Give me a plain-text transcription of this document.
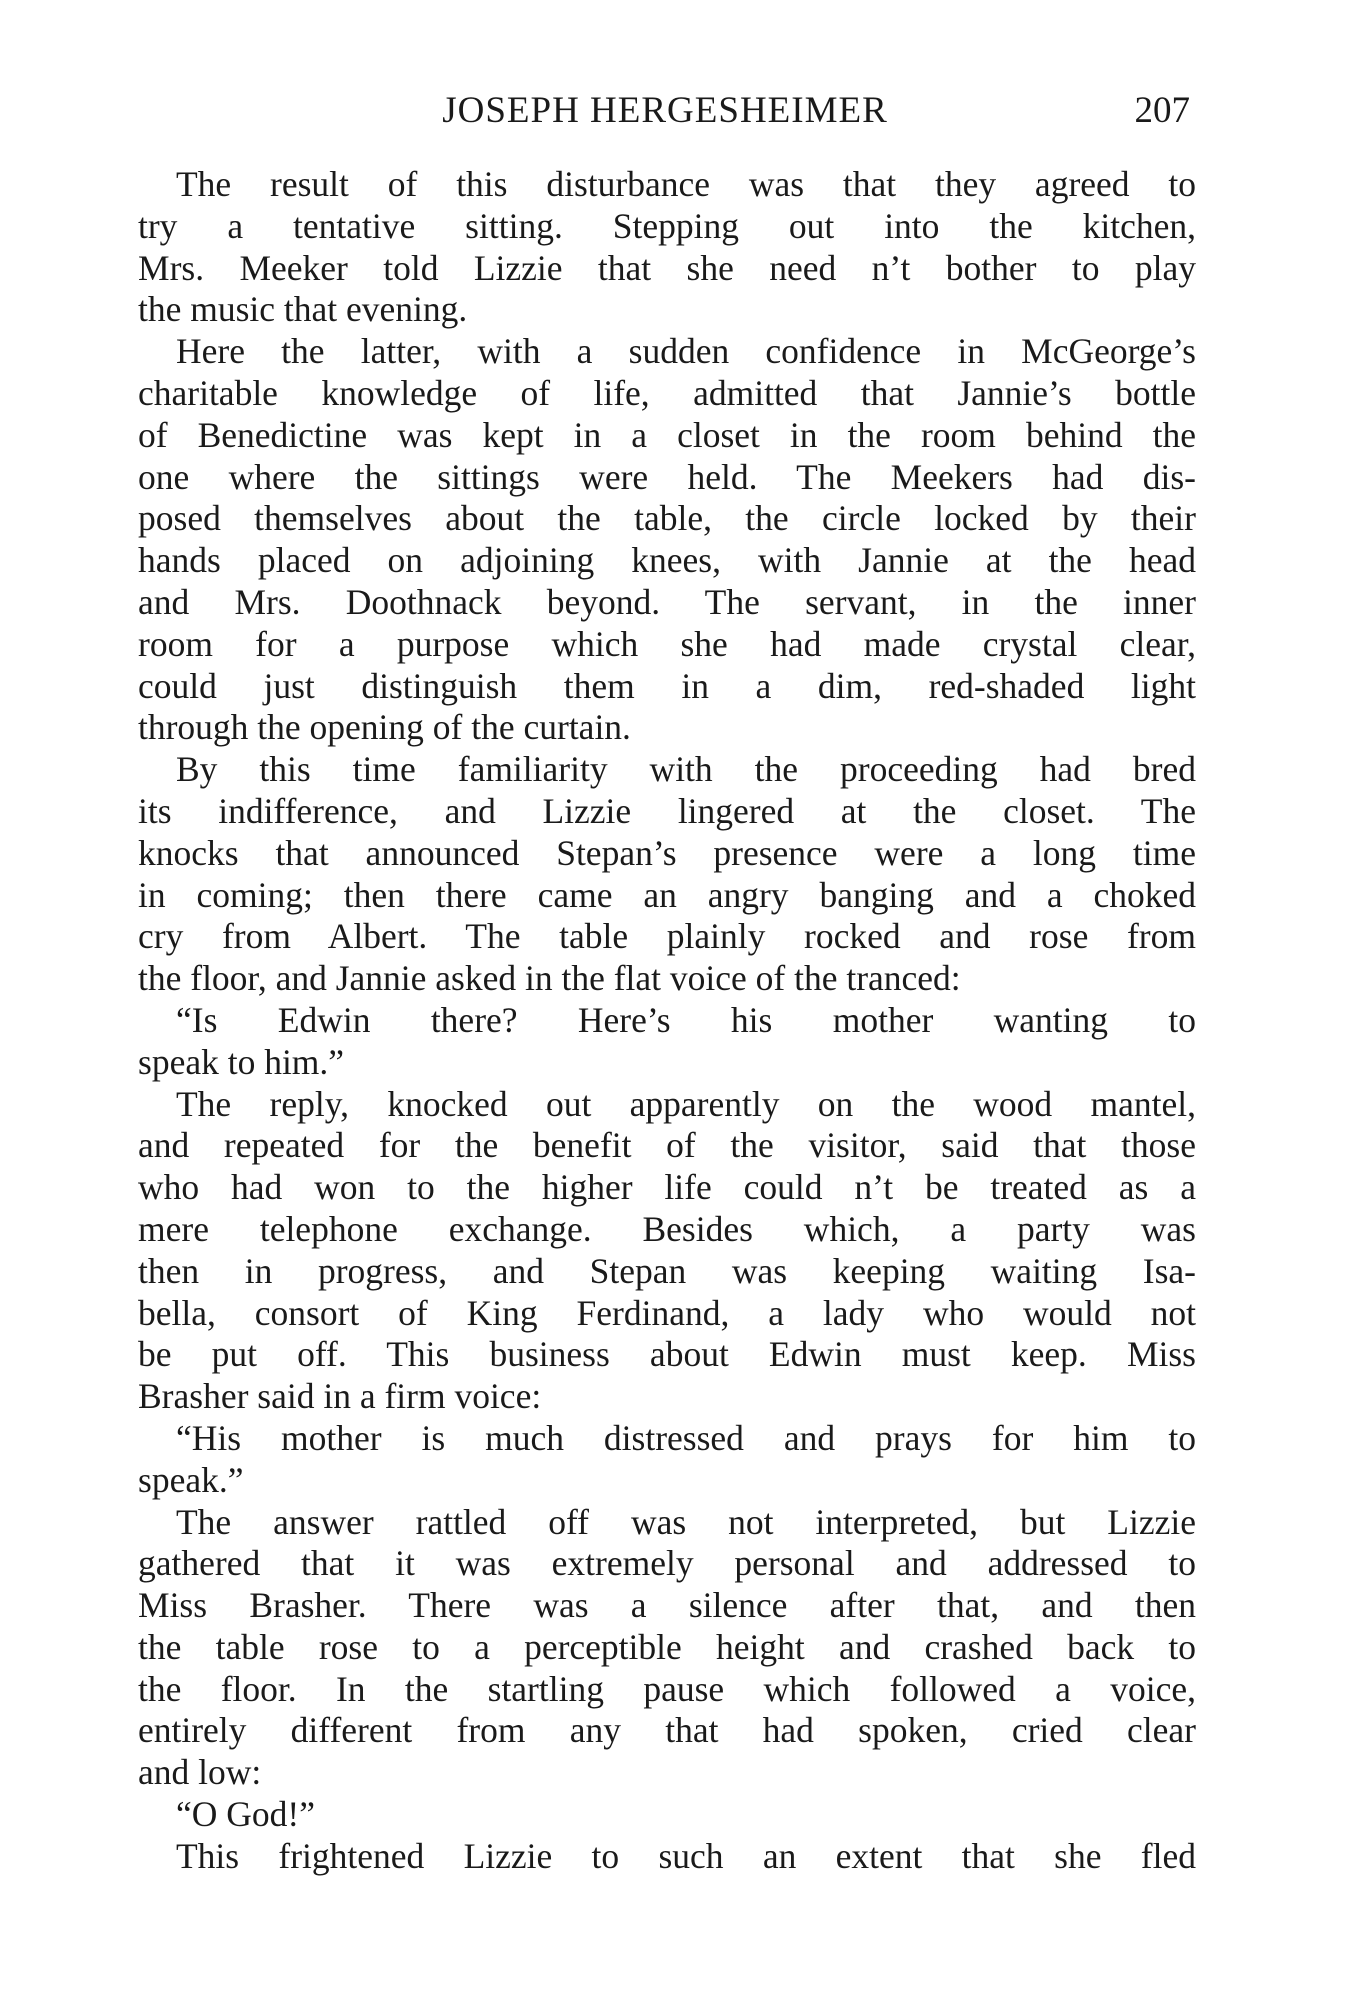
JOSEPH HERGESHEIMER	207
The result of this disturbance was that they agreed to
try a tentative sitting. Stepping out into the kitchen,
Mrs. Meeker told Lizzie that she need n’t bother to play
the music that evening.
Here the latter, with a sudden confidence in McGeorge’s
charitable knowledge of life, admitted that Jannie’s bottle
of Benedictine was kept in a closet in the room behind the
one where the sittings were held. The Meekers had dis-
posed themselves about the table, the circle locked by their
hands placed on adjoining knees, with Jannie at the head
and Mrs. Doothnack beyond. The servant, in the inner
room for a purpose which she had made crystal clear,
could just distinguish them in a dim, red-shaded light
through the opening of the curtain.
By this time familiarity with the proceeding had bred
its indifference, and Lizzie lingered at the closet. The
knocks that announced Stepan’s presence were a long time
in coming; then there came an angry banging and a choked
cry from Albert. The table plainly rocked and rose from
the floor, and Jannie asked in the flat voice of the tranced:
“Is Edwin there? Here’s his mother wanting to
speak to him.”
The reply, knocked out apparently on the wood mantel,
and repeated for the benefit of the visitor, said that those
who had won to the higher life could n’t be treated as a
mere telephone exchange. Besides which, a party was
then in progress, and Stepan was keeping waiting Isa-
bella, consort of King Ferdinand, a lady who would not
be put off. This business about Edwin must keep. Miss
Brasher said in a firm voice:
“His mother is much distressed and prays for him to
speak.”
The answer rattled off was not interpreted, but Lizzie
gathered that it was extremely personal and addressed to
Miss Brasher. There was a silence after that, and then
the table rose to a perceptible height and crashed back to
the floor. In the startling pause which followed a voice,
entirely different from any that had spoken, cried clear
and low:
“O God!”
This frightened Lizzie to such an extent that she fled
